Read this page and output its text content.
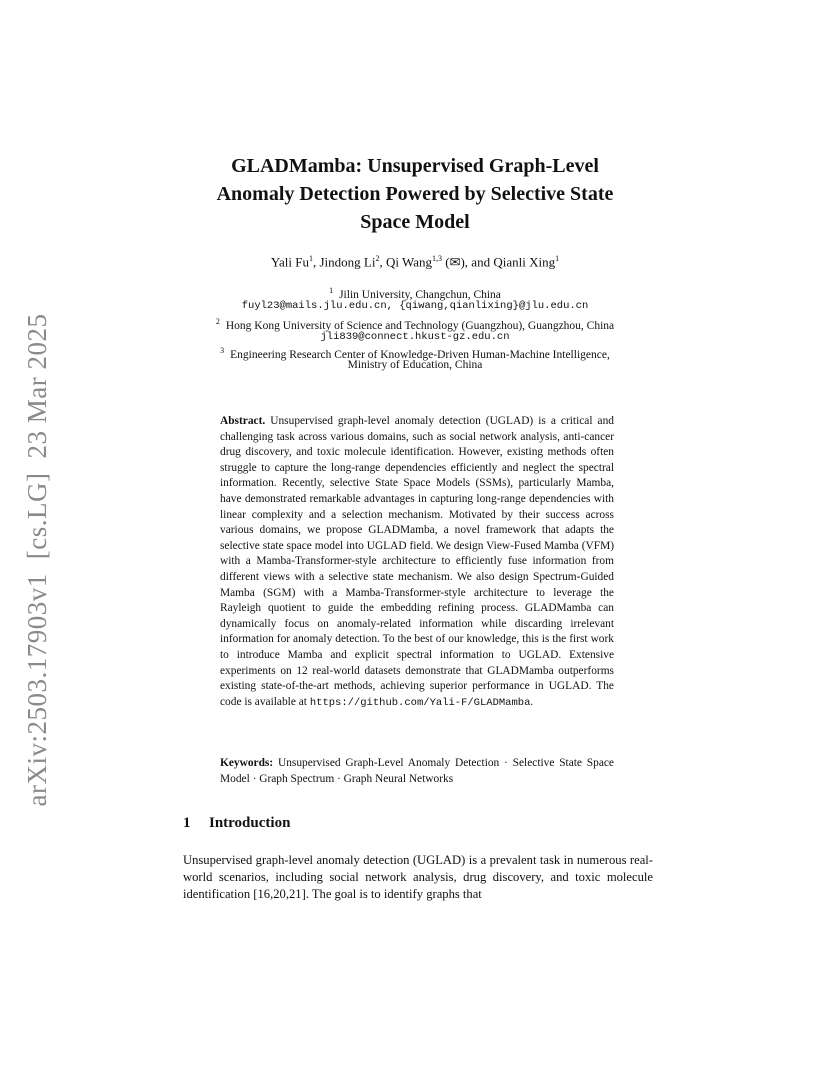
arXiv:2503.17903v1
[cs.LG]
23 Mar 2025
GLADMamba: Unsupervised Graph-Level
Anomaly Detection Powered by Selective State
Space Model
Yali Fu$^1$, Jindong Li$^2$, Qi Wang$^{1,3}$ (✉), and Qianli Xing$^1$
$^1$ Jilin University, Changchun, China
fuyl23@mails.jlu.edu.cn, {qiwang,qianlixing}@jlu.edu.cn
$^2$ Hong Kong University of Science and Technology (Guangzhou), Guangzhou, China
jli839@connect.hkust-gz.edu.cn
$^3$ Engineering Research Center of Knowledge-Driven Human-Machine Intelligence,
Ministry of Education, China
Abstract. Unsupervised graph-level anomaly detection (UGLAD) is a critical and challenging task across various domains, such as social network analysis, anti-cancer drug discovery, and toxic molecule identification. However, existing methods often struggle to capture the long-range dependencies efficiently and neglect the spectral information. Recently, selective State Space Models (SSMs), particularly Mamba, have demonstrated remarkable advantages in capturing long-range dependencies with linear complexity and a selection mechanism. Motivated by their success across various domains, we propose GLADMamba, a novel framework that adapts the selective state space model into UGLAD field. We design View-Fused Mamba (VFM) with a Mamba-Transformer-style architecture to efficiently fuse information from different views with a selective state mechanism. We also design Spectrum-Guided Mamba (SGM) with a Mamba-Transformer-style architecture to leverage the Rayleigh quotient to guide the embedding refining process. GLADMamba can dynamically focus on anomaly-related information while discarding irrelevant information for anomaly detection. To the best of our knowledge, this is the first work to introduce Mamba and explicit spectral information to UGLAD. Extensive experiments on 12 real-world datasets demonstrate that GLADMamba outperforms existing state-of-the-art methods, achieving superior performance in UGLAD. The code is available at https://github.com/Yali-F/GLADMamba.
Keywords: Unsupervised Graph-Level Anomaly Detection · Selective State Space Model · Graph Spectrum · Graph Neural Networks
1	Introduction
Unsupervised graph-level anomaly detection (UGLAD) is a prevalent task in numerous real-world scenarios, including social network analysis, drug discovery, and toxic molecule identification [16,20,21]. The goal is to identify graphs that
